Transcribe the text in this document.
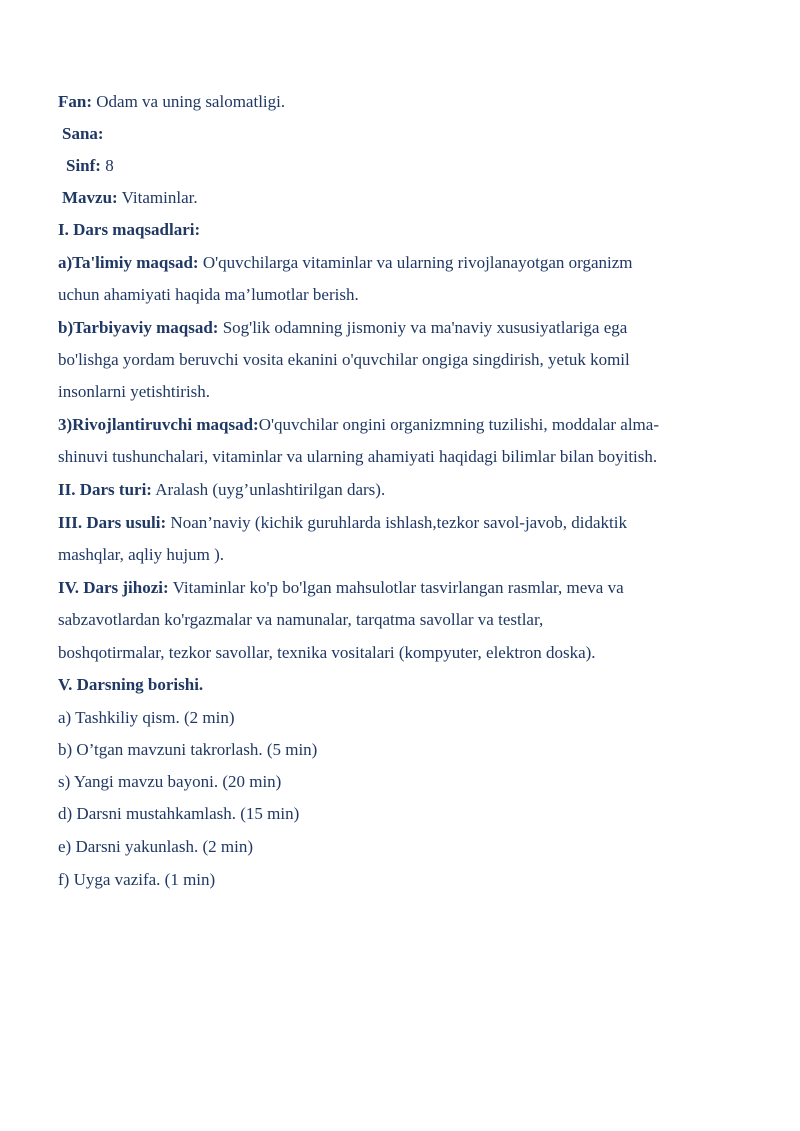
Fan: Odam va uning salomatligi.
Sana:
Sinf: 8
Mavzu: Vitaminlar.
I. Dars maqsadlari:
a)Ta'limiy maqsad: O'quvchilarga vitaminlar va ularning rivojlanayotgan organizm
uchun ahamiyati haqida ma’lumotlar berish.
b)Tarbiyaviy maqsad: Sog'lik odamning jismoniy va ma'naviy xususiyatlariga ega
bo'lishga yordam beruvchi vosita ekanini o'quvchilar ongiga singdirish, yetuk komil
insonlarni yetishtirish.
3)Rivojlantiruvchi maqsad:O'quvchilar ongini organizmning tuzilishi, moddalar alma-
shinuvi tushunchalari, vitaminlar va ularning ahamiyati haqidagi bilimlar bilan boyitish.
II. Dars turi: Aralash (uyg’unlashtirilgan dars).
III. Dars usuli: Noan’naviy (kichik guruhlarda ishlash,tezkor savol-javob, didaktik
mashqlar, aqliy hujum ).
IV. Dars jihozi: Vitaminlar ko'p bo'lgan mahsulotlar tasvirlangan rasmlar, meva va
sabzavotlardan ko'rgazmalar va namunalar, tarqatma savollar va testlar,
boshqotirmalar, tezkor savollar, texnika vositalari (kompyuter, elektron doska).
V. Darsning borishi.
a) Tashkiliy qism. (2 min)
b) O’tgan mavzuni takrorlash. (5 min)
s) Yangi mavzu bayoni. (20 min)
d) Darsni mustahkamlash. (15 min)
e) Darsni yakunlash. (2 min)
f) Uyga vazifa. (1 min)
